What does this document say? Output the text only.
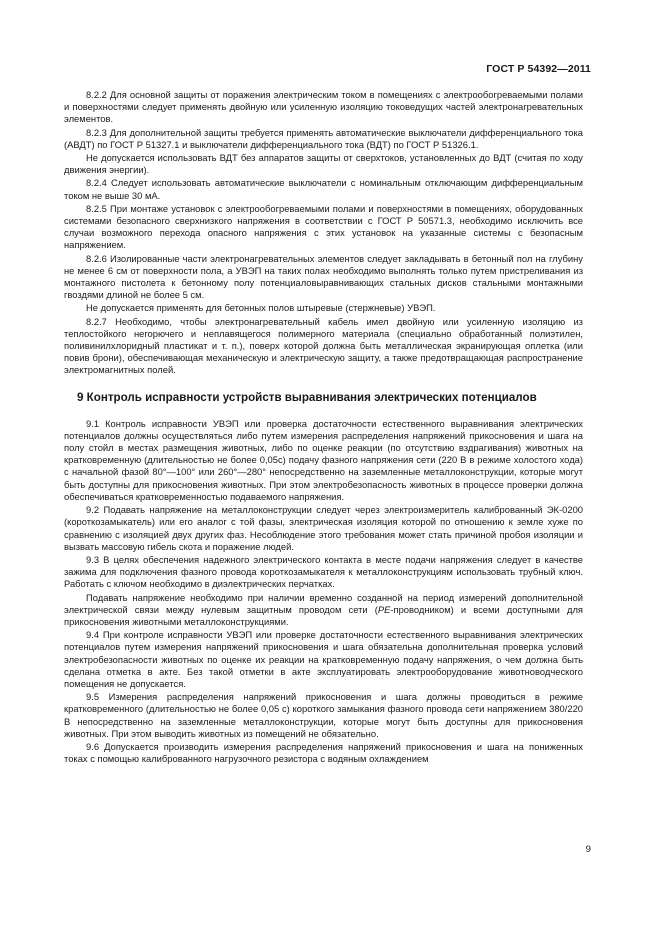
ГОСТ Р 54392—2011

8.2.2 Для основной защиты от поражения электрическим током в помещениях с электрообогреваемыми полами и поверхностями следует применять двойную или усиленную изоляцию токоведущих частей электронагревательных элементов.

8.2.3 Для дополнительной защиты требуется применять автоматические выключатели дифференциального тока (АВДТ) по ГОСТ Р 51327.1 и выключатели дифференциального тока (ВДТ) по ГОСТ Р 51326.1.

Не допускается использовать ВДТ без аппаратов защиты от сверхтоков, установленных до ВДТ (считая по ходу движения энергии).

8.2.4 Следует использовать автоматические выключатели с номинальным отключающим дифференциальным током не выше 30 мА.

8.2.5 При монтаже установок с электрообогреваемыми полами и поверхностями в помещениях, оборудованных системами безопасного сверхнизкого напряжения в соответствии с ГОСТ Р 50571.3, необходимо исключить все случаи возможного перехода опасного напряжения с этих установок на указанные системы с безопасным напряжением.

8.2.6 Изолированные части электронагревательных элементов следует закладывать в бетонный пол на глубину не менее 6 см от поверхности пола, а УВЭП на таких полах необходимо выполнять только путем пристреливания из монтажного пистолета к бетонному полу потенциаловыравнивающих стальных дисков стальными монтажными гвоздями длиной не более 5 см.

Не допускается применять для бетонных полов штыревые (стержневые) УВЭП.

8.2.7 Необходимо, чтобы электронагревательный кабель имел двойную или усиленную изоляцию из теплостойкого негорючего и неплавящегося полимерного материала (специально обработанный полиэтилен, поливинилхлоридный пластикат и т. п.), поверх которой должна быть металлическая экранирующая оплетка (или повив брони), обеспечивающая механическую и электрическую защиту, а также предотвращающая распространение электромагнитных полей.

9 Контроль исправности устройств выравнивания электрических потенциалов

9.1 Контроль исправности УВЭП или проверка достаточности естественного выравнивания электрических потенциалов должны осуществляться либо путем измерения распределения напряжений прикосновения и шага на полу стойл в местах размещения животных, либо по оценке реакции (по отсутствию вздрагивания) животных на кратковременную (длительностью не более 0,05с) подачу фазного напряжения сети (220 В в режиме холостого хода) с начальной фазой 80°—100° или 260°—280° непосредственно на заземленные металлоконструкции, которые могут быть доступны для прикосновения животных. При этом электробезопасность животных в процессе проверки должна обеспечиваться кратковременностью подаваемого напряжения.

9.2 Подавать напряжение на металлоконструкции следует через электроизмеритель калиброванный ЭК-0200 (короткозамыкатель) или его аналог с той фазы, электрическая изоляция которой по отношению к земле хуже по сравнению с изоляцией двух других фаз. Несоблюдение этого требования может стать причиной пробоя изоляции и вызвать массовую гибель скота и поражение людей.

9.3 В целях обеспечения надежного электрического контакта в месте подачи напряжения следует в качестве зажима для подключения фазного провода короткозамыкателя к металлоконструкциям использовать трубный ключ. Работать с ключом необходимо в диэлектрических перчатках.

Подавать напряжение необходимо при наличии временно созданной на период измерений дополнительной электрической связи между нулевым защитным проводом сети (PE-проводником) и всеми доступными для прикосновения животными металлоконструкциями.

9.4 При контроле исправности УВЭП или проверке достаточности естественного выравнивания электрических потенциалов путем измерения напряжений прикосновения и шага обязательна дополнительная проверка условий электробезопасности животных по оценке их реакции на кратковременную подачу напряжения, о чем должна быть сделана отметка в акте. Без такой отметки в акте эксплуатировать электрооборудование животноводческого помещения не допускается.

9.5 Измерения распределения напряжений прикосновения и шага должны проводиться в режиме кратковременного (длительностью не более 0,05 с) короткого замыкания фазного провода сети напряжением 380/220 В непосредственно на заземленные металлоконструкции, которые могут быть доступны для прикосновения животных. При этом выводить животных из помещений не обязательно.

9.6 Допускается производить измерения распределения напряжений прикосновения и шага на пониженных токах с помощью калиброванного нагрузочного резистора с водяным охлаждением

9
